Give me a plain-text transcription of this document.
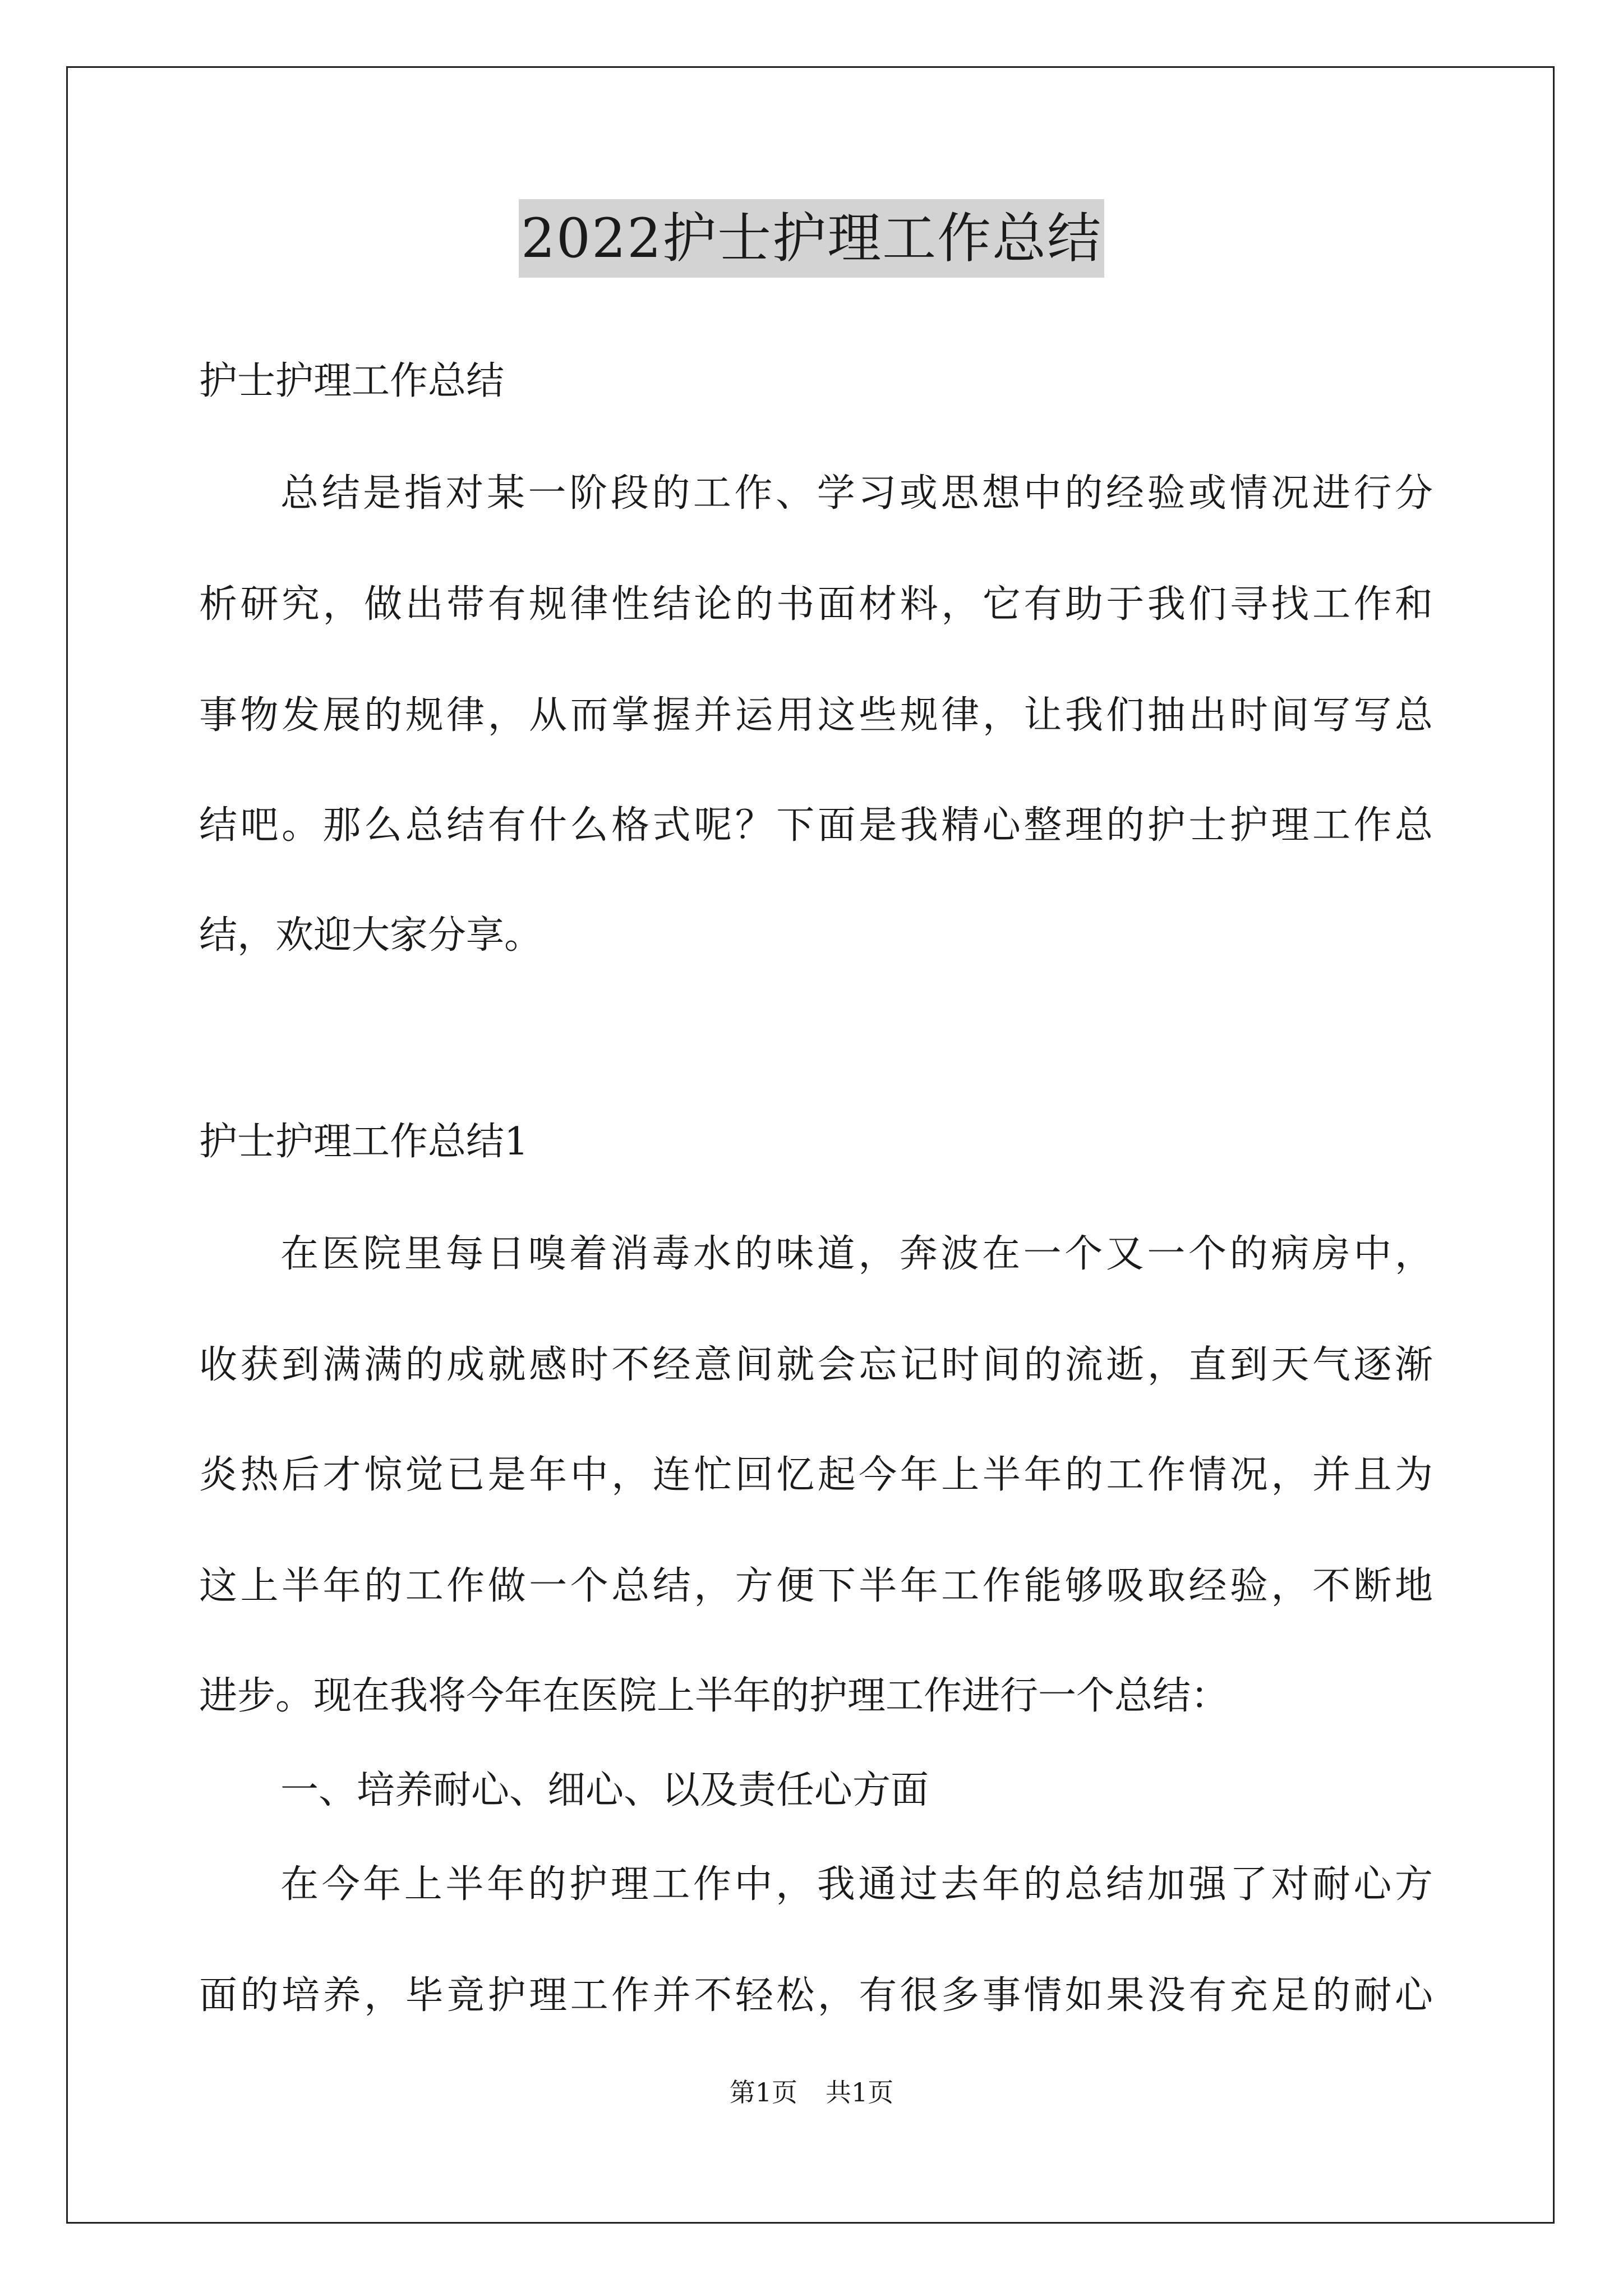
2022护士护理工作总结
护士护理工作总结
总结是指对某一阶段的工作、学习或思想中的经验或情况进行分
析研究，做出带有规律性结论的书面材料，它有助于我们寻找工作和
事物发展的规律，从而掌握并运用这些规律，让我们抽出时间写写总
结吧。那么总结有什么格式呢？下面是我精心整理的护士护理工作总
结，欢迎大家分享。
护士护理工作总结1
在医院里每日嗅着消毒水的味道，奔波在一个又一个的病房中，
收获到满满的成就感时不经意间就会忘记时间的流逝，直到天气逐渐
炎热后才惊觉已是年中，连忙回忆起今年上半年的工作情况，并且为
这上半年的工作做一个总结，方便下半年工作能够吸取经验，不断地
进步。现在我将今年在医院上半年的护理工作进行一个总结：
一、培养耐心、细心、以及责任心方面
在今年上半年的护理工作中，我通过去年的总结加强了对耐心方
面的培养，毕竟护理工作并不轻松，有很多事情如果没有充足的耐心
第1页 共1页
